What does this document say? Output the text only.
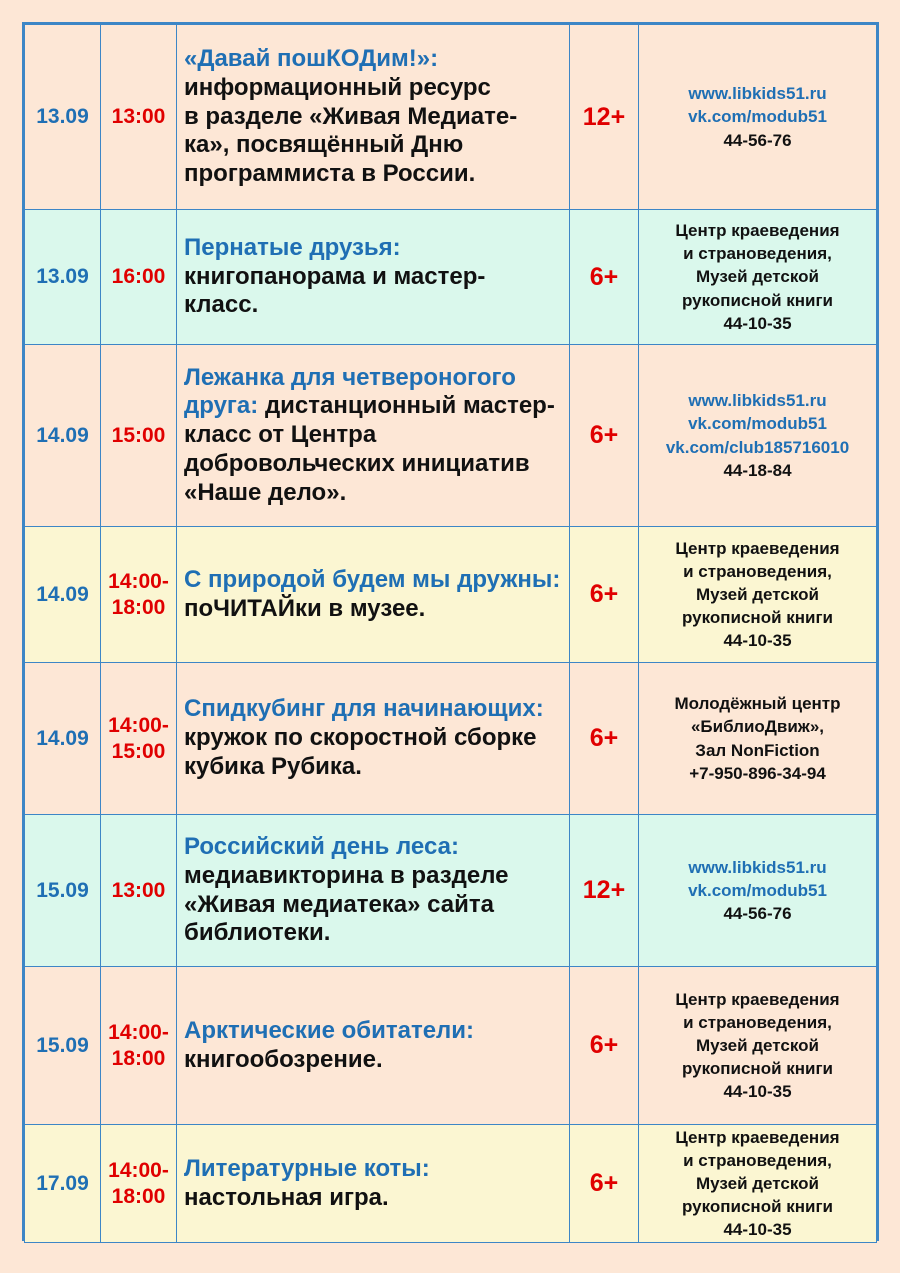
13.09	13:00	«Давай пошКОДим!»:
информационный ресурс
в разделе «Живая Медиате-
ка», посвящённый Дню
программиста в России.	12+	www.libkids51.ru
vk.com/modub51
44-56-76

13.09	16:00	Пернатые друзья:
книгопанорама и мастер-
класс.	6+	Центр краеведения
и страноведения,
Музей детской
рукописной книги
44-10-35

14.09	15:00	Лежанка для четвероногого друга: дистанционный мастер-класс от Центра добровольческих инициатив «Наше дело».	6+	www.libkids51.ru
vk.com/modub51
vk.com/club185716010
44-18-84

14.09	14:00-
18:00	С природой будем мы дружны: поЧИТАЙки в музее.	6+	Центр краеведения
и страноведения,
Музей детской
рукописной книги
44-10-35

14.09	14:00-
15:00	Спидкубинг для начинающих: кружок по скоростной сборке кубика Рубика.	6+	Молодёжный центр
«БиблиоДвиж»,
Зал NonFiction
+7-950-896-34-94

15.09	13:00	Российский день леса:
медиавикторина в разделе
«Живая медиатека» сайта
библиотеки.	12+	www.libkids51.ru
vk.com/modub51
44-56-76

15.09	14:00-
18:00	Арктические обитатели:
книгообозрение.	6+	Центр краеведения
и страноведения,
Музей детской
рукописной книги
44-10-35

17.09	14:00-
18:00	Литературные коты:
настольная игра.	6+	Центр краеведения
и страноведения,
Музей детской
рукописной книги
44-10-35
